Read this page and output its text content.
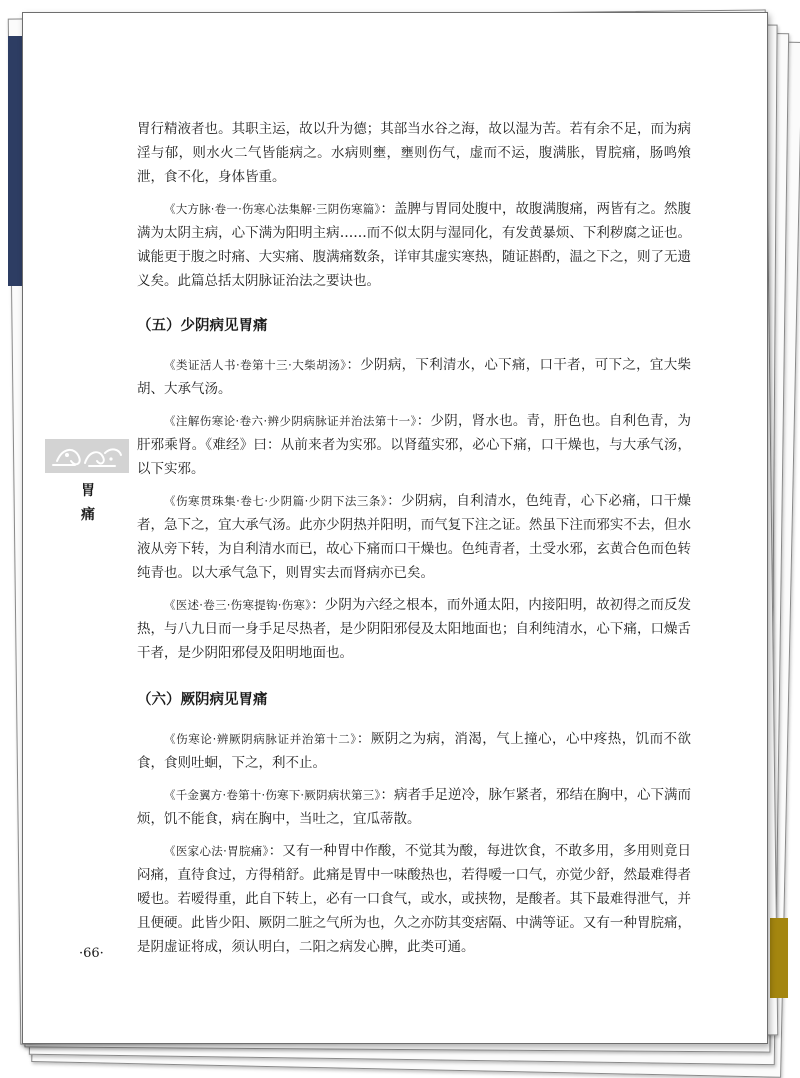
胃行精液者也。其职主运，故以升为德；其部当水谷之海，故以湿为苦。若有余不足，而为病淫与郁，则水火二气皆能病之。水病则壅，壅则伤气，虚而不运，腹满胀，胃脘痛，肠鸣飧泄，食不化，身体皆重。

《大方脉·卷一·伤寒心法集解·三阴伤寒篇》：盖脾与胃同处腹中，故腹满腹痛，两皆有之。然腹满为太阴主病，心下满为阳明主病……而不似太阴与湿同化，有发黄暴烦、下利秽腐之证也。诚能更于腹之时痛、大实痛、腹满痛数条，详审其虚实寒热，随证斟酌，温之下之，则了无遗义矣。此篇总括太阴脉证治法之要诀也。

（五）少阴病见胃痛

《类证活人书·卷第十三·大柴胡汤》：少阴病，下利清水，心下痛，口干者，可下之，宜大柴胡、大承气汤。

《注解伤寒论·卷六·辨少阴病脉证并治法第十一》：少阴，肾水也。青，肝色也。自利色青，为肝邪乘肾。《难经》曰：从前来者为实邪。以肾蕴实邪，必心下痛，口干燥也，与大承气汤，以下实邪。

《伤寒贯珠集·卷七·少阴篇·少阴下法三条》：少阴病，自利清水，色纯青，心下必痛，口干燥者，急下之，宜大承气汤。此亦少阴热并阳明，而气复下注之证。然虽下注而邪实不去，但水液从旁下转，为自利清水而已，故心下痛而口干燥也。色纯青者，土受水邪，玄黄合色而色转纯青也。以大承气急下，则胃实去而肾病亦已矣。

《医述·卷三·伤寒提钩·伤寒》：少阴为六经之根本，而外通太阳，内接阳明，故初得之而反发热，与八九日而一身手足尽热者，是少阴阳邪侵及太阳地面也；自利纯清水，心下痛，口燥舌干者，是少阴阳邪侵及阳明地面也。

（六）厥阴病见胃痛

《伤寒论·辨厥阴病脉证并治第十二》：厥阴之为病，消渴，气上撞心，心中疼热，饥而不欲食，食则吐蛔，下之，利不止。

《千金翼方·卷第十·伤寒下·厥阴病状第三》：病者手足逆冷，脉乍紧者，邪结在胸中，心下满而烦，饥不能食，病在胸中，当吐之，宜瓜蒂散。

《医家心法·胃脘痛》：又有一种胃中作酸，不觉其为酸，每进饮食，不敢多用，多用则竟日闷痛，直待食过，方得稍舒。此痛是胃中一味酸热也，若得嗳一口气，亦觉少舒，然最难得者嗳也。若嗳得重，此自下转上，必有一口食气，或水，或挟物，是酸者。其下最难得泄气，并且便硬。此皆少阳、厥阴二脏之气所为也，久之亦防其变痞隔、中满等证。又有一种胃脘痛，是阴虚证将成，须认明白，二阳之病发心脾，此类可通。

胃
痛
·66·
